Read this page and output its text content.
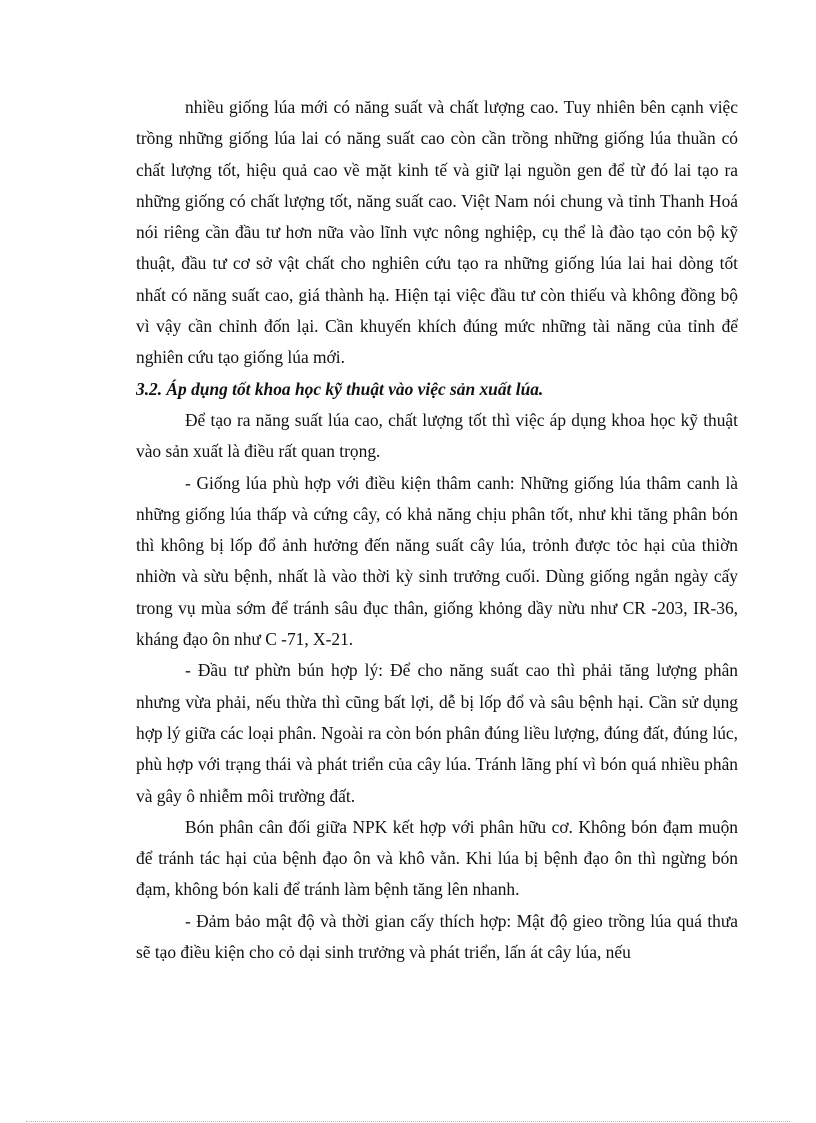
nhiều giống lúa mới có năng suất và chất lượng cao. Tuy nhiên bên cạnh việc trồng những giống lúa lai có năng suất cao còn cần trồng những giống lúa thuần có chất lượng tốt, hiệu quả cao về mặt kinh tế và giữ lại nguồn gen để từ đó lai tạo ra những giống có chất lượng tốt, năng suất cao. Việt Nam nói chung và tỉnh Thanh Hoá nói riêng cần đầu tư hơn nữa vào lĩnh vực nông nghiệp, cụ thể là đào tạo cỏn bộ kỹ thuật, đầu tư cơ sở vật chất cho nghiên cứu tạo ra những giống lúa lai hai dòng tốt nhất có năng suất cao, giá thành hạ. Hiện tại việc đầu tư còn thiếu và không đồng bộ vì vậy cần chỉnh đốn lại. Cần khuyến khích đúng mức những tài năng của tỉnh để nghiên cứu tạo giống lúa mới.

3.2. Áp dụng tốt khoa học kỹ thuật vào việc sản xuất lúa.

Để tạo ra năng suất lúa cao, chất lượng tốt thì việc áp dụng khoa học kỹ thuật vào sản xuất là điều rất quan trọng.

- Giống lúa phù hợp với điều kiện thâm canh: Những giống lúa thâm canh là những giống lúa thấp và cứng cây, có khả năng chịu phân tốt, như khi tăng phân bón thì không bị lốp đổ ảnh hưởng đến năng suất cây lúa, trỏnh được tỏc hại của thiờn nhiờn và sừu bệnh, nhất là vào thời kỳ sinh trưởng cuối. Dùng giống ngắn ngày cấy trong vụ mùa sớm để tránh sâu đục thân, giống khỏng dầy nừu như CR -203, IR-36, kháng đạo ôn như C -71, X-21.

- Đầu tư phừn bún hợp lý: Để cho năng suất cao thì phải tăng lượng phân nhưng vừa phải, nếu thừa thì cũng bất lợi, dễ bị lốp đổ và sâu bệnh hại. Cần sử dụng hợp lý giữa các loại phân. Ngoài ra còn bón phân đúng liều lượng, đúng đất, đúng lúc, phù hợp với trạng thái và phát triển của cây lúa. Tránh lãng phí vì bón quá nhiều phân và gây ô nhiễm môi trường đất.

Bón phân cân đối giữa NPK kết hợp với phân hữu cơ. Không bón đạm muộn để tránh tác hại của bệnh đạo ôn và khô vằn. Khi lúa bị bệnh đạo ôn thì ngừng bón đạm, không bón kali để tránh làm bệnh tăng lên nhanh.

- Đảm bảo mật độ và thời gian cấy thích hợp: Mật độ gieo trồng lúa quá thưa sẽ tạo điều kiện cho cỏ dại sinh trưởng và phát triển, lấn át cây lúa, nếu
